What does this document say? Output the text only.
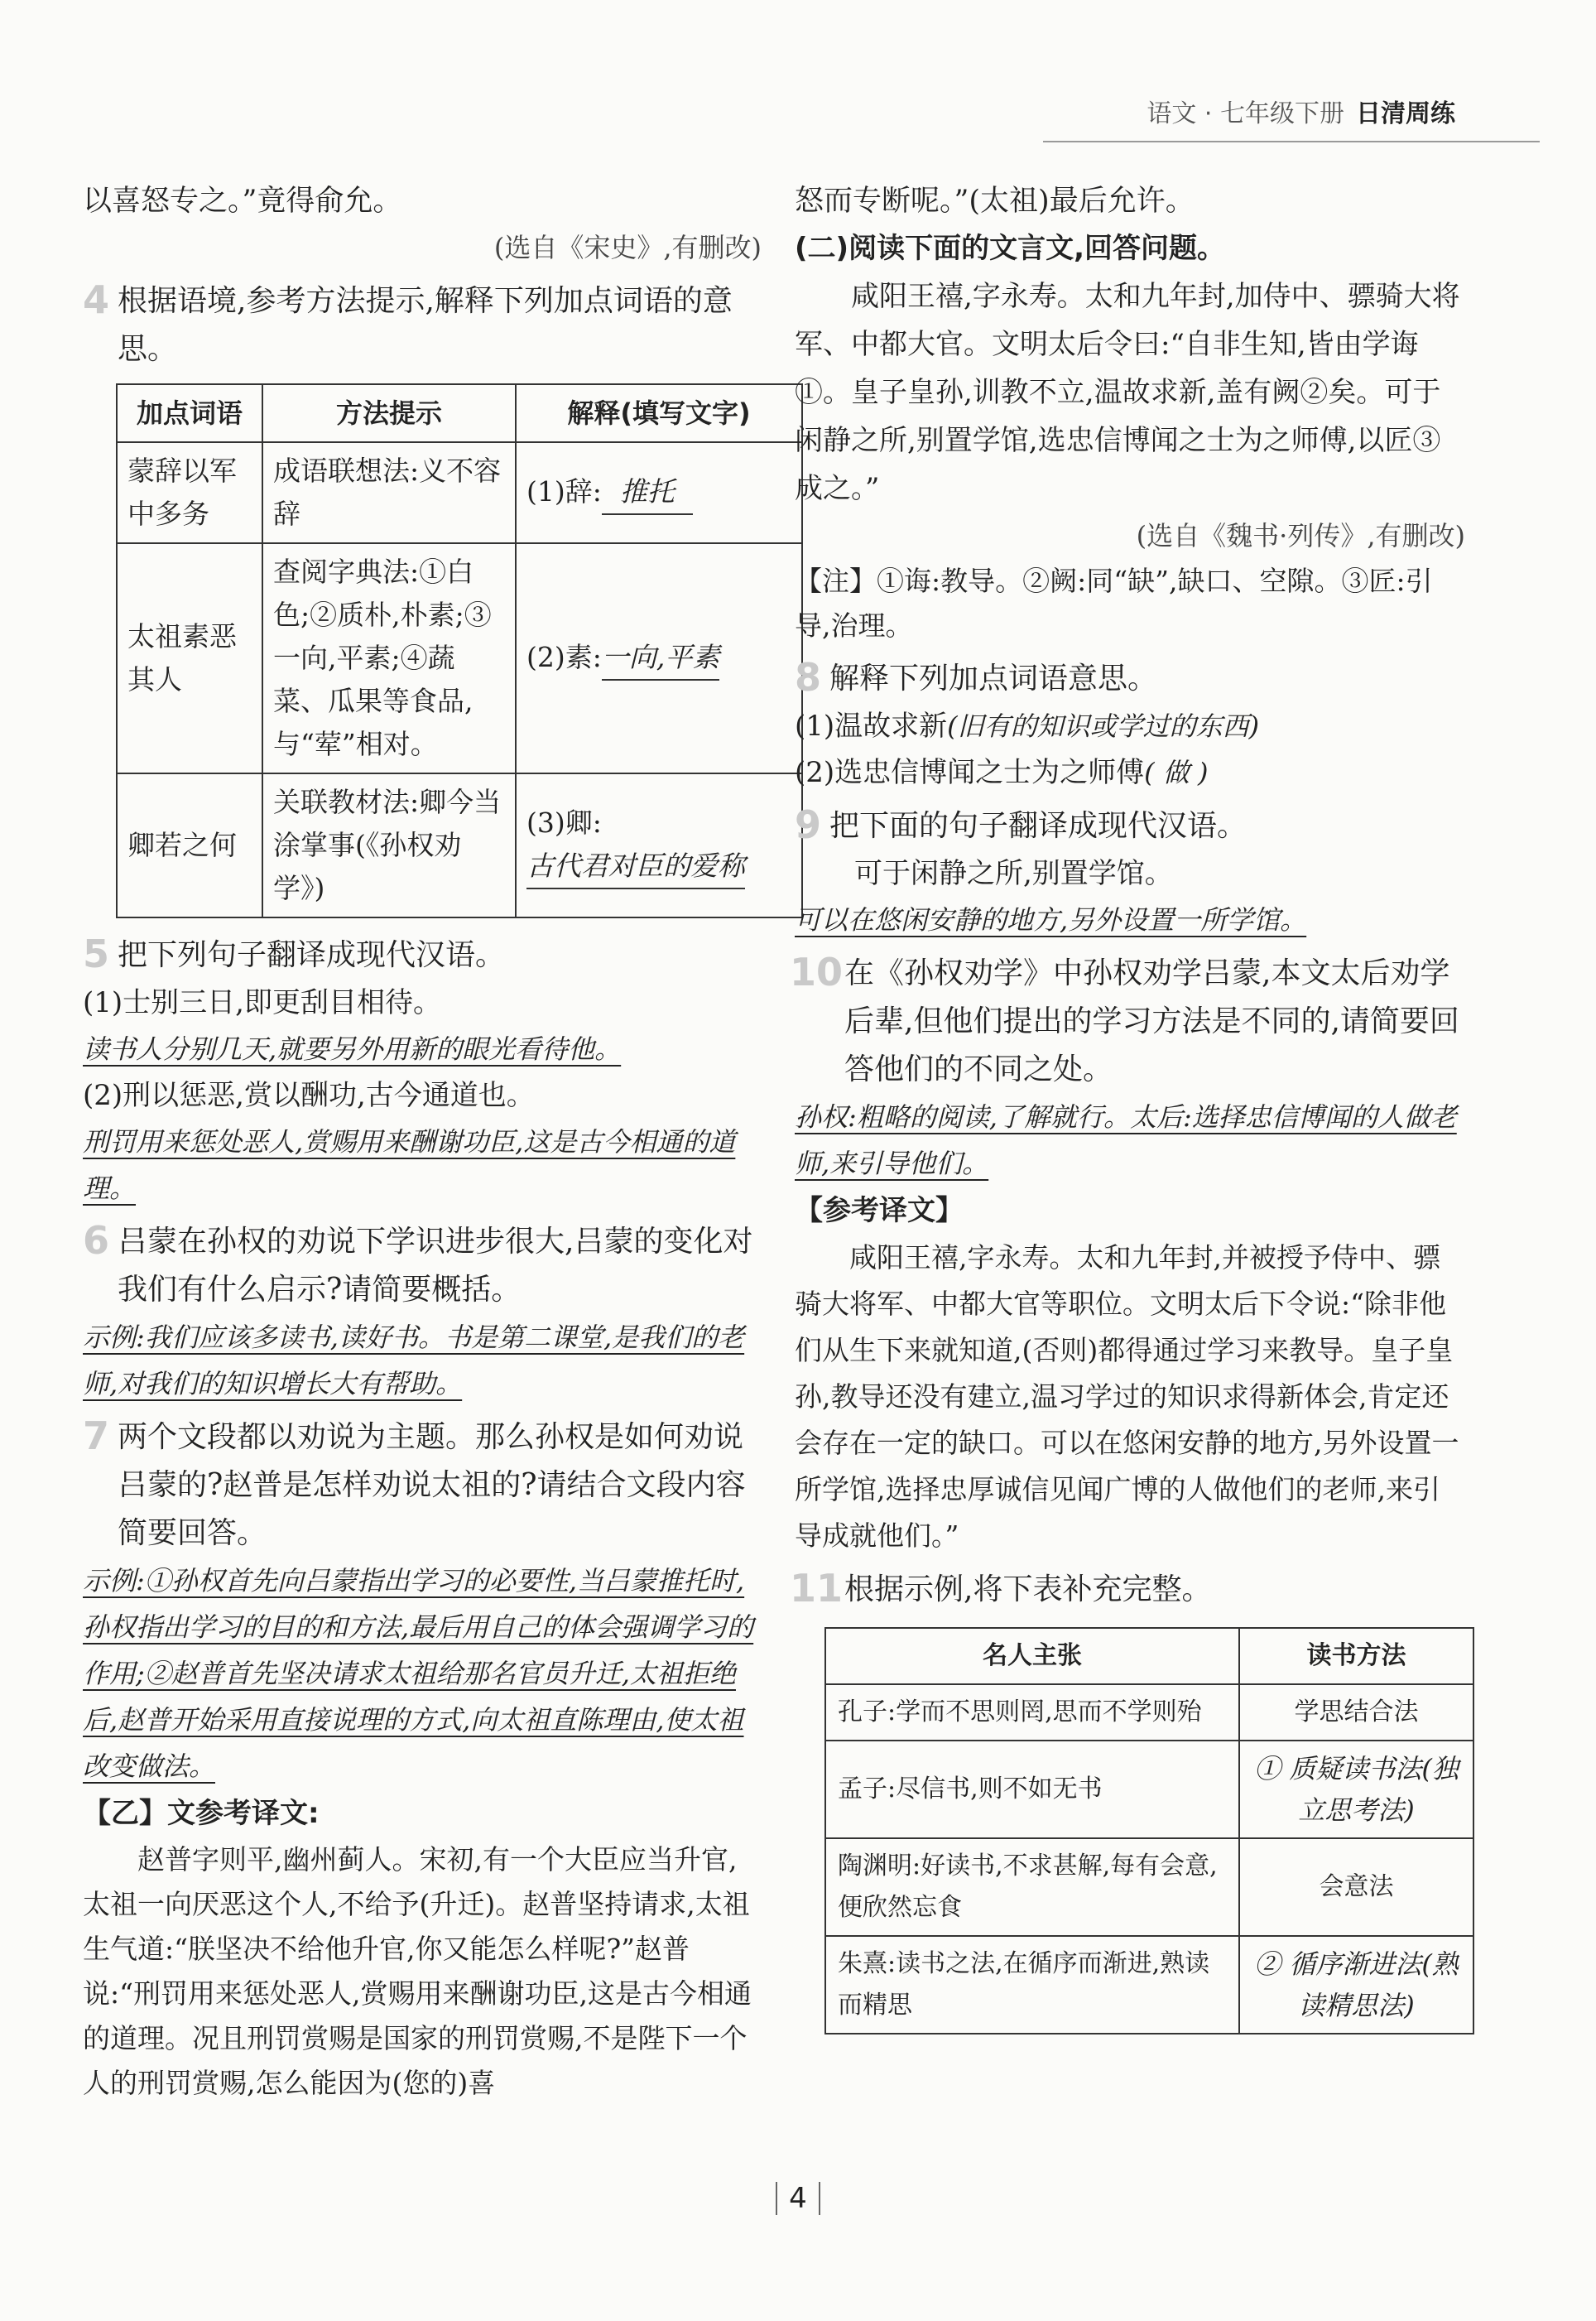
语文 · 七年级下册 日清周练

以喜怒专之。”竟得俞允。

(选自《宋史》,有删改)
4 根据语境,参考方法提示,解释下列加点词语的意思。
加点词语	方法提示	解释(填写文字)
蒙辞以军中多务	成语联想法:义不容辞	(1)辞: 推托
太祖素恶其人	查阅字典法:①白色;②质朴,朴素;③一向,平素;④蔬菜、瓜果等食品,与“荤”相对。	(2)素:一向,平素
卿若之何	关联教材法:卿今当涂掌事(《孙权劝学》)	(3)卿:古代君对臣的爱称
5 把下列句子翻译成现代汉语。
(1)士别三日,即更刮目相待。
读书人分别几天,就要另外用新的眼光看待他。
(2)刑以惩恶,赏以酬功,古今通道也。
刑罚用来惩处恶人,赏赐用来酬谢功臣,这是古今相通的道理。
6 吕蒙在孙权的劝说下学识进步很大,吕蒙的变化对我们有什么启示?请简要概括。
示例:我们应该多读书,读好书。书是第二课堂,是我们的老师,对我们的知识增长大有帮助。
7 两个文段都以劝说为主题。那么孙权是如何劝说吕蒙的?赵普是怎样劝说太祖的?请结合文段内容简要回答。
示例:①孙权首先向吕蒙指出学习的必要性,当吕蒙推托时,孙权指出学习的目的和方法,最后用自己的体会强调学习的作用;②赵普首先坚决请求太祖给那名官员升迁,太祖拒绝后,赵普开始采用直接说理的方式,向太祖直陈理由,使太祖改变做法。
【乙】文参考译文:

赵普字则平,幽州蓟人。宋初,有一个大臣应当升官,太祖一向厌恶这个人,不给予(升迁)。赵普坚持请求,太祖生气道:“朕坚决不给他升官,你又能怎么样呢?”赵普说:“刑罚用来惩处恶人,赏赐用来酬谢功臣,这是古今相通的道理。况且刑罚赏赐是国家的刑罚赏赐,不是陛下一个人的刑罚赏赐,怎么能因为(您的)喜

怒而专断呢。”(太祖)最后允许。

(二)阅读下面的文言文,回答问题。

咸阳王禧,字永寿。太和九年封,加侍中、骠骑大将军、中都大官。文明太后令曰:“自非生知,皆由学诲①。皇子皇孙,训教不立,温故求新,盖有阙②矣。可于闲静之所,别置学馆,选忠信博闻之士为之师傅,以匠③成之。”

(选自《魏书·列传》,有删改)

【注】①诲:教导。②阙:同“缺”,缺口、空隙。③匠:引导,治理。

8 解释下列加点词语意思。
(1)温故求新(旧有的知识或学过的东西)
(2)选忠信博闻之士为之师傅( 做 )
9 把下面的句子翻译成现代汉语。
可于闲静之所,别置学馆。
可以在悠闲安静的地方,另外设置一所学馆。
10 在《孙权劝学》中孙权劝学吕蒙,本文太后劝学后辈,但他们提出的学习方法是不同的,请简要回答他们的不同之处。
孙权:粗略的阅读,了解就行。太后:选择忠信博闻的人做老师,来引导他们。
【参考译文】

咸阳王禧,字永寿。太和九年封,并被授予侍中、骠骑大将军、中都大官等职位。文明太后下令说:“除非他们从生下来就知道,(否则)都得通过学习来教导。皇子皇孙,教导还没有建立,温习学过的知识求得新体会,肯定还会存在一定的缺口。可以在悠闲安静的地方,另外设置一所学馆,选择忠厚诚信见闻广博的人做他们的老师,来引导成就他们。”

11 根据示例,将下表补充完整。
名人主张	读书方法
孔子:学而不思则罔,思而不学则殆	学思结合法
孟子:尽信书,则不如无书	① 质疑读书法(独立思考法)
陶渊明:好读书,不求甚解,每有会意,便欣然忘食	会意法
朱熹:读书之法,在循序而渐进,熟读而精思	② 循序渐进法(熟读精思法)
4
